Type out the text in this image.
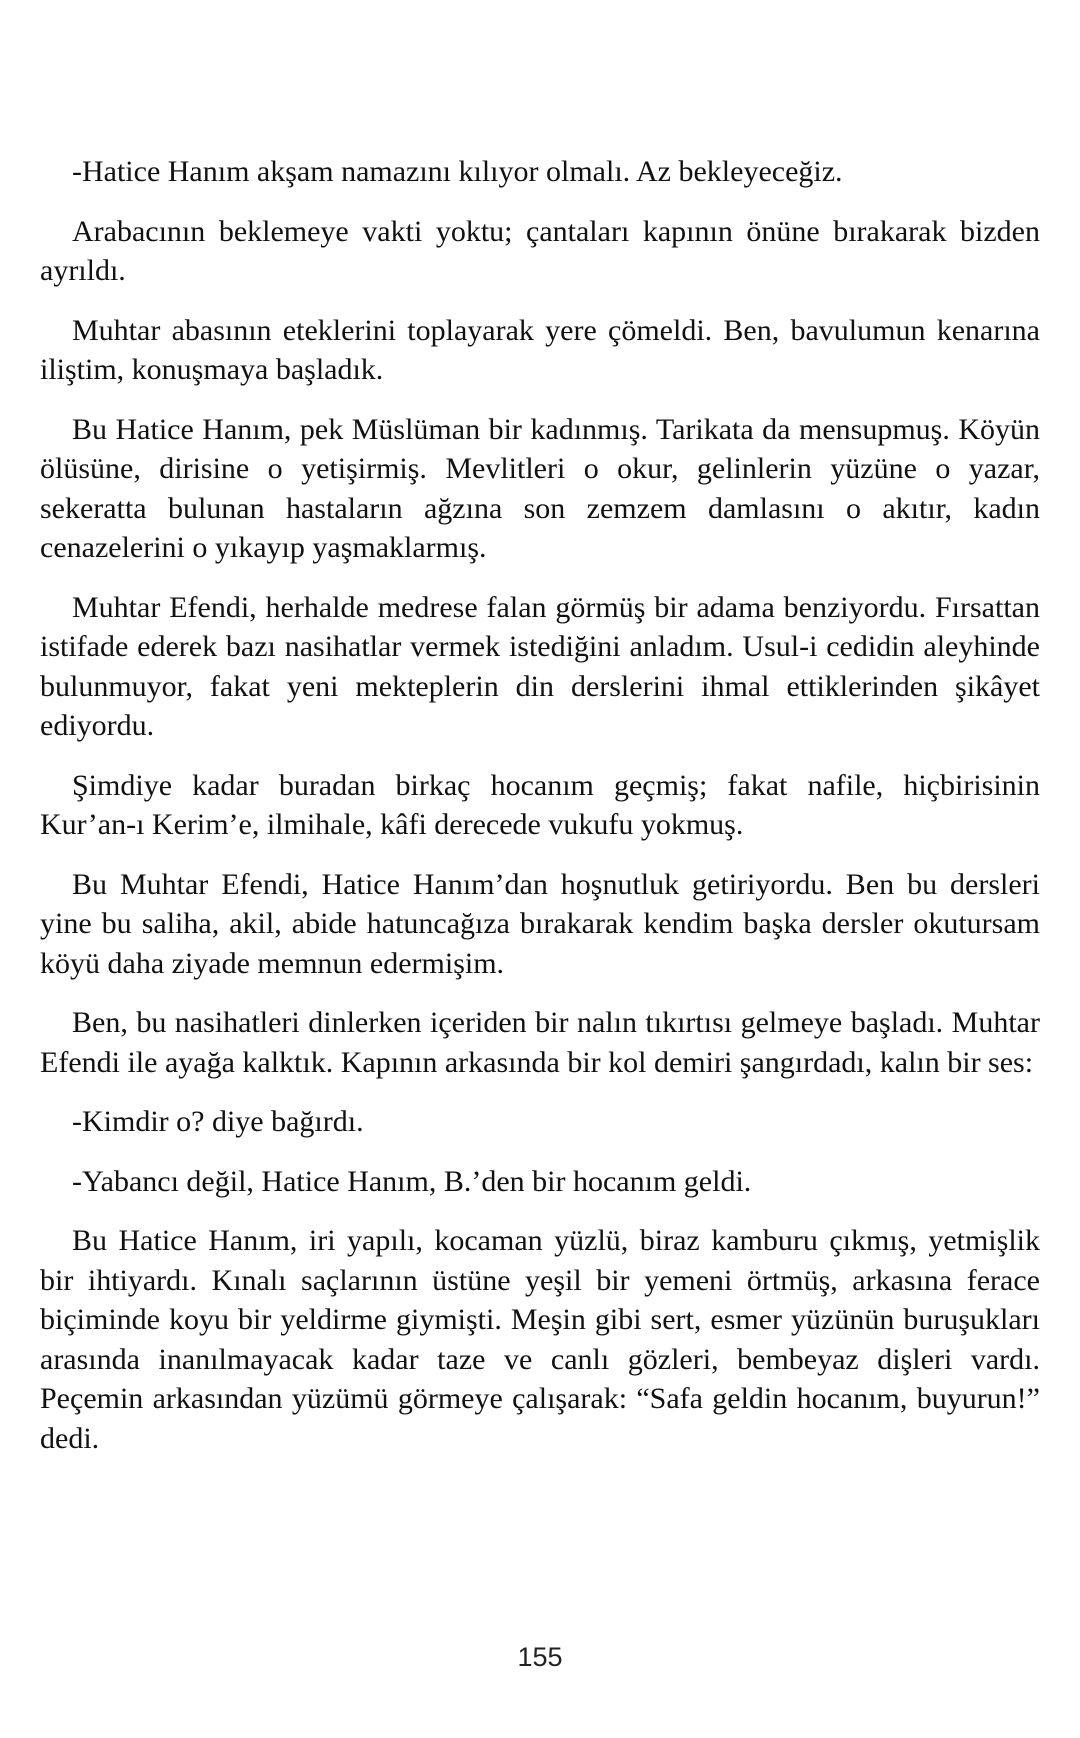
-Hatice Hanım akşam namazını kılıyor olmalı. Az bekleyeceğiz.

Arabacının beklemeye vakti yoktu; çantaları kapının önüne bırakarak bizden ayrıldı.

Muhtar abasının eteklerini toplayarak yere çömeldi. Ben, bavulumun kenarına iliştim, konuşmaya başladık.

Bu Hatice Hanım, pek Müslüman bir kadınmış. Tarikata da mensupmuş. Köyün ölüsüne, dirisine o yetişirmiş. Mevlitleri o okur, gelinlerin yüzüne o yazar, sekeratta bulunan hastaların ağzına son zemzem damlasını o akıtır, kadın cenazelerini o yıkayıp yaşmaklarmış.

Muhtar Efendi, herhalde medrese falan görmüş bir adama benziyordu. Fırsattan istifade ederek bazı nasihatlar vermek istediğini anladım. Usul-i cedidin aleyhinde bulunmuyor, fakat yeni mekteplerin din derslerini ihmal ettiklerinden şikâyet ediyordu.

Şimdiye kadar buradan birkaç hocanım geçmiş; fakat nafile, hiçbirisinin Kur’an-ı Kerim’e, ilmihale, kâfi derecede vukufu yokmuş.

Bu Muhtar Efendi, Hatice Hanım’dan hoşnutluk getiriyordu. Ben bu dersleri yine bu saliha, akil, abide hatuncağıza bırakarak kendim başka dersler okutursam köyü daha ziyade memnun edermişim.

Ben, bu nasihatleri dinlerken içeriden bir nalın tıkırtısı gelmeye başladı. Muhtar Efendi ile ayağa kalktık. Kapının arkasında bir kol demiri şangırdadı, kalın bir ses:

-Kimdir o? diye bağırdı.

-Yabancı değil, Hatice Hanım, B.’den bir hocanım geldi.

Bu Hatice Hanım, iri yapılı, kocaman yüzlü, biraz kamburu çıkmış, yetmişlik bir ihtiyardı. Kınalı saçlarının üstüne yeşil bir yemeni örtmüş, arkasına ferace biçiminde koyu bir yeldirme giymişti. Meşin gibi sert, esmer yüzünün buruşukları arasında inanılmayacak kadar taze ve canlı gözleri, bembeyaz dişleri vardı. Peçemin arkasından yüzümü görmeye çalışarak: “Safa geldin hocanım, buyurun!” dedi.

155
